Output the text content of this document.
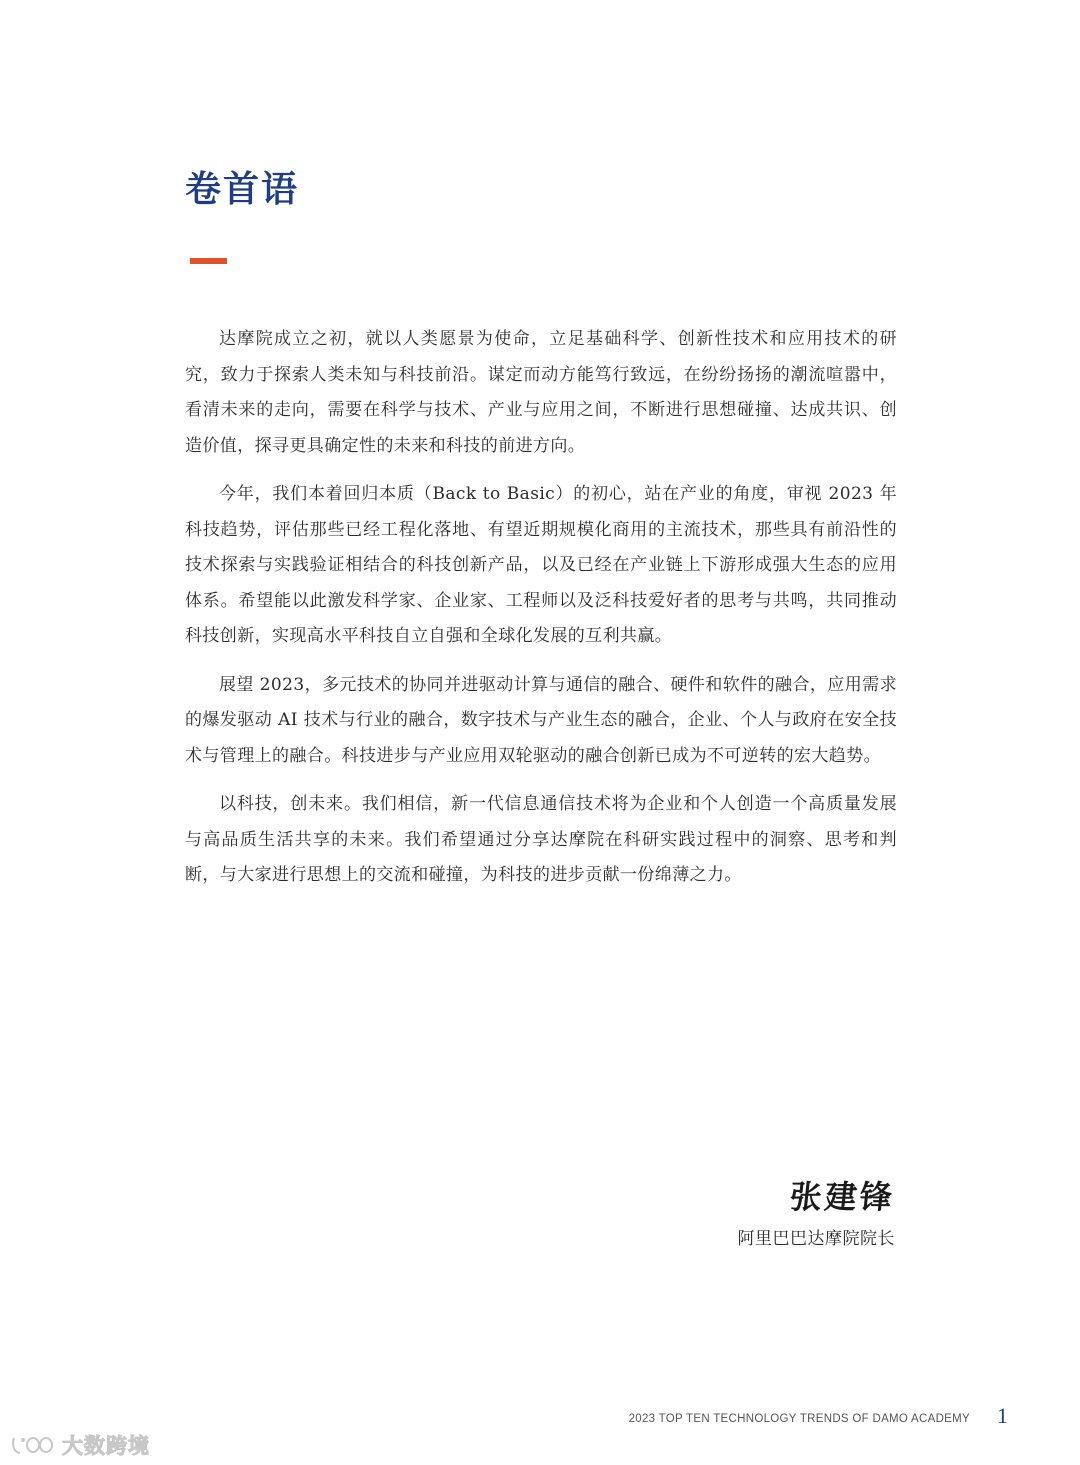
卷首语

达摩院成立之初，就以人类愿景为使命，立足基础科学、创新性技术和应用技术的研究，致力于探索人类未知与科技前沿。谋定而动方能笃行致远，在纷纷扬扬的潮流喧嚣中，看清未来的走向，需要在科学与技术、产业与应用之间，不断进行思想碰撞、达成共识、创造价值，探寻更具确定性的未来和科技的前进方向。

今年，我们本着回归本质（Back to Basic）的初心，站在产业的角度，审视 2023 年科技趋势，评估那些已经工程化落地、有望近期规模化商用的主流技术，那些具有前沿性的技术探索与实践验证相结合的科技创新产品，以及已经在产业链上下游形成强大生态的应用体系。希望能以此激发科学家、企业家、工程师以及泛科技爱好者的思考与共鸣，共同推动科技创新，实现高水平科技自立自强和全球化发展的互利共赢。

展望 2023，多元技术的协同并进驱动计算与通信的融合、硬件和软件的融合，应用需求的爆发驱动 AI 技术与行业的融合，数字技术与产业生态的融合，企业、个人与政府在安全技术与管理上的融合。科技进步与产业应用双轮驱动的融合创新已成为不可逆转的宏大趋势。

以科技，创未来。我们相信，新一代信息通信技术将为企业和个人创造一个高质量发展与高品质生活共享的未来。我们希望通过分享达摩院在科研实践过程中的洞察、思考和判断，与大家进行思想上的交流和碰撞，为科技的进步贡献一份绵薄之力。

张建锋
阿里巴巴达摩院院长
2023 TOP TEN TECHNOLOGY TRENDS OF DAMO ACADEMY 1
大数跨境
